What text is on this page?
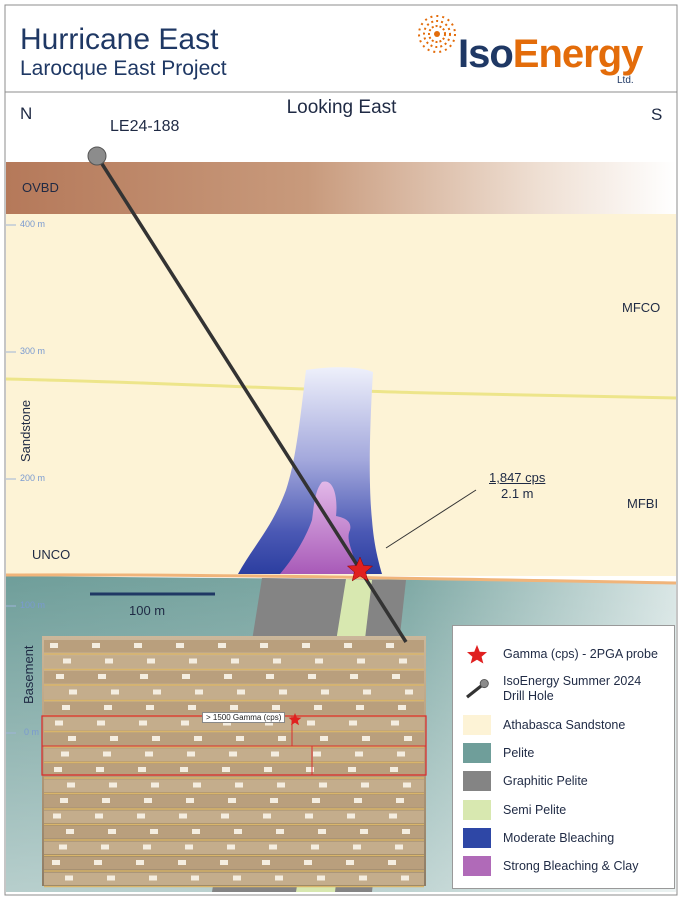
Hurricane East
Larocque East Project	IsoEnergy
Ltd.
N	S
Looking East
LE24-188
OVBD
MFCO
MFBI
UNCO
Sandstone
Basement
400 m
300 m
200 m
100 m
0 m
1,847 cps
2.1 m
100 m
> 1500 Gamma (cps)
Gamma (cps) - 2PGA probe
IsoEnergy Summer 2024 Drill Hole
Athabasca Sandstone
Pelite
Graphitic Pelite
Semi Pelite
Moderate Bleaching
Strong Bleaching & Clay
